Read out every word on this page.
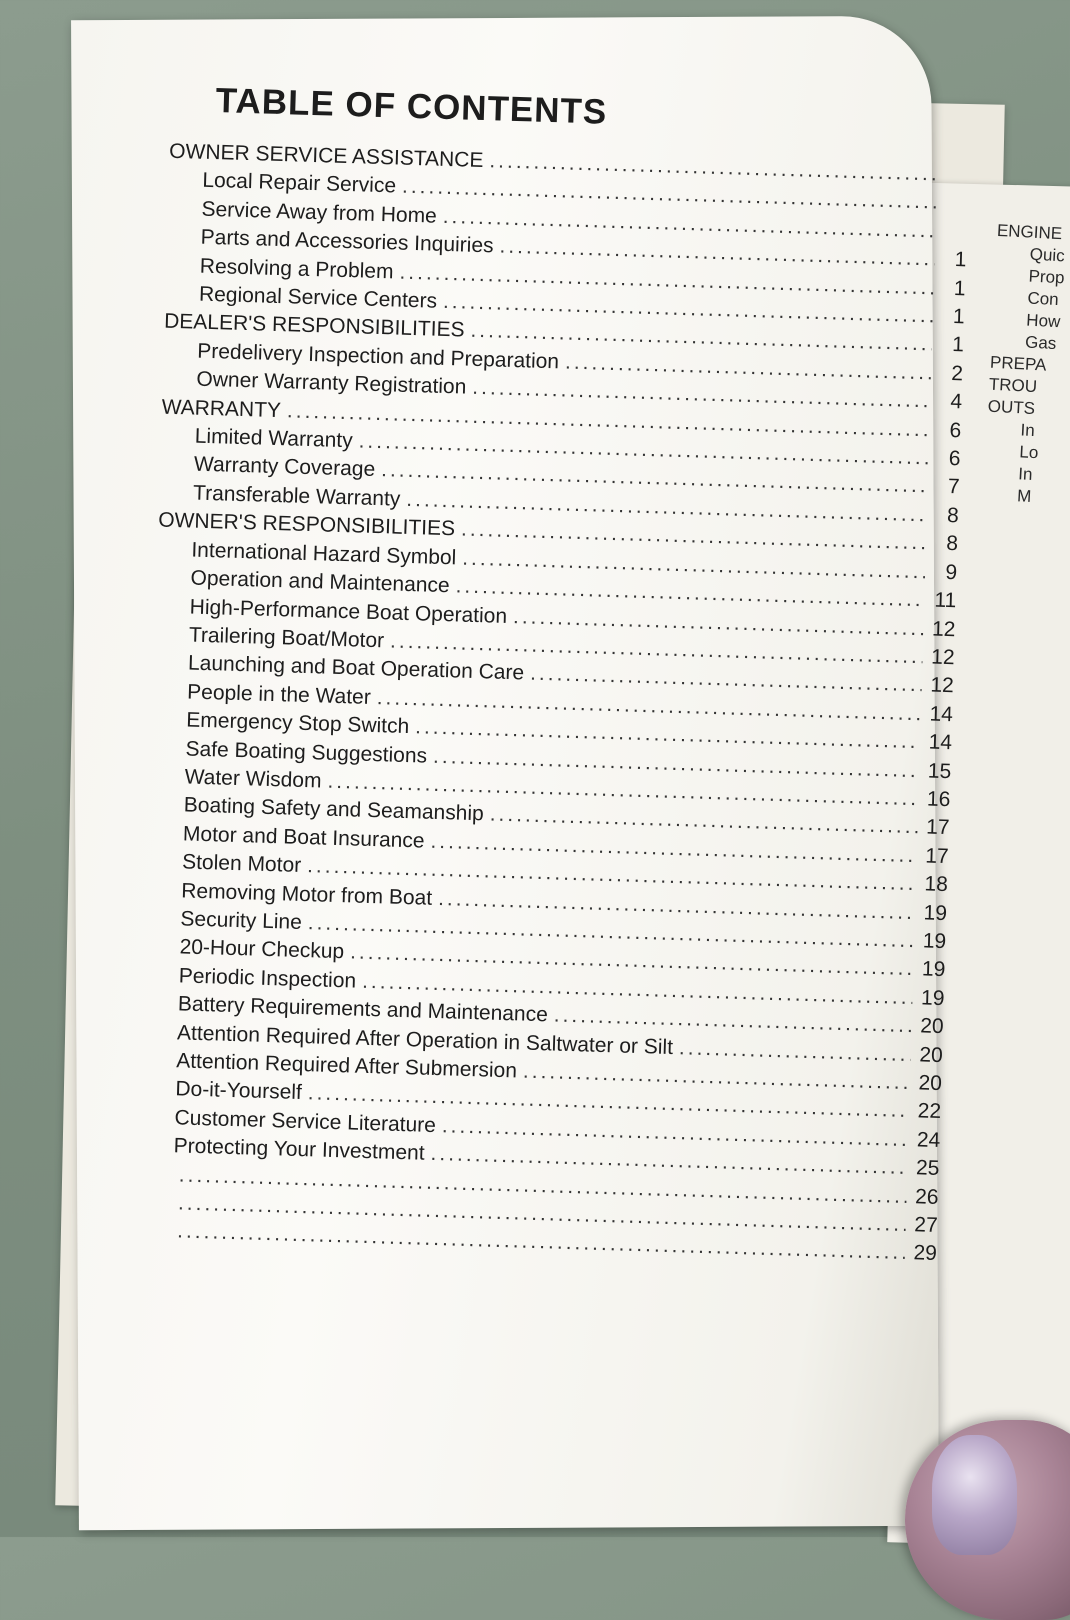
ENGINE
Quic
Prop
Con
How
Gas
PREPA
TROU
OUTS
In
Lo
In
M
TABLE OF CONTENTS
OWNER SERVICE ASSISTANCE
.....
Local Repair Service
.....
Service Away from Home
.....
Parts and Accessories Inquiries
.....
1
Resolving a Problem
.....
1
Regional Service Centers
.....
1
DEALER'S RESPONSIBILITIES
.....
1
Predelivery Inspection and Preparation
.....
2
Owner Warranty Registration
.....
4
WARRANTY
.....
6
Limited Warranty
.....
6
Warranty Coverage
.....
7
Transferable Warranty
.....
8
OWNER'S RESPONSIBILITIES
.....
8
International Hazard Symbol
.....
9
Operation and Maintenance
.....
11
High-Performance Boat Operation
.....
12
Trailering Boat/Motor
.....
12
Launching and Boat Operation Care
.....
12
People in the Water
.....
14
Emergency Stop Switch
.....
14
Safe Boating Suggestions
.....
15
Water Wisdom
.....
16
Boating Safety and Seamanship
.....
17
Motor and Boat Insurance
.....
17
Stolen Motor
.....
18
Removing Motor from Boat
.....
19
Security Line
.....
19
20-Hour Checkup
.....
19
Periodic Inspection
.....
19
Battery Requirements and Maintenance .....	20
Attention Required After Operation in Saltwater or Silt .....	20
Attention Required After Submersion
.....
20
Do-it-Yourself
.....
22
Customer Service Literature
.....
24
Protecting Your Investment
.....
25
.....
26
.....
27
.....
29
